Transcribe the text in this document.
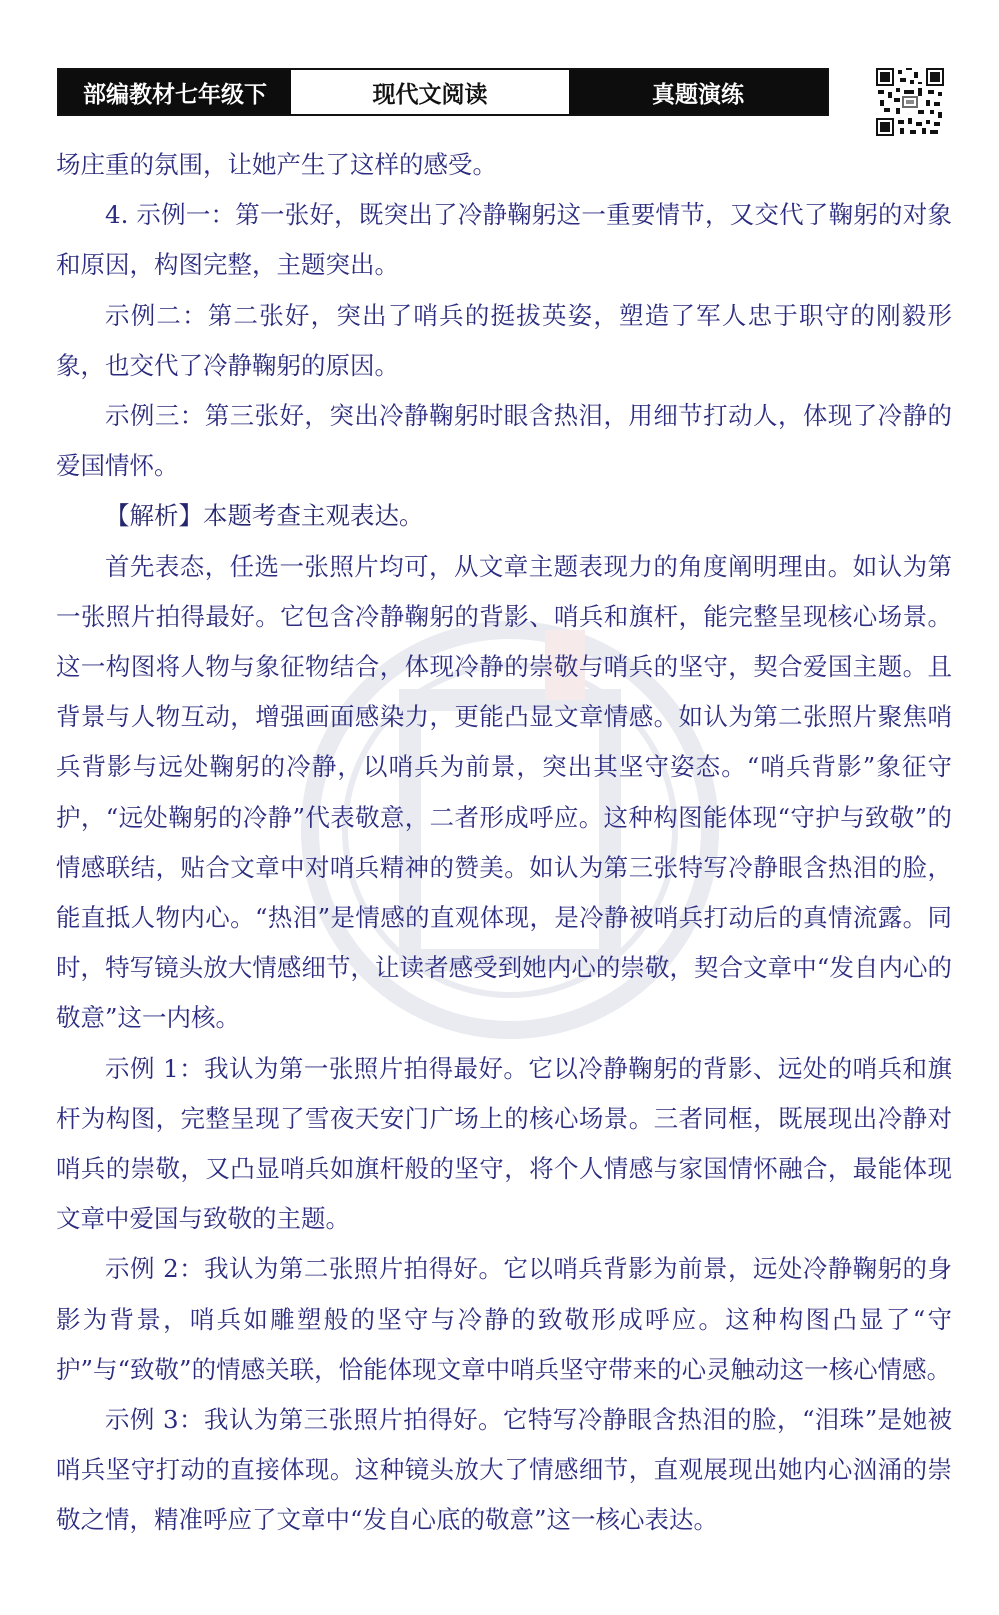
部编教材七年级下	现代文阅读	真题演练

场庄重的氛围，让她产生了这样的感受。

4. 示例一：第一张好，既突出了冷静鞠躬这一重要情节，又交代了鞠躬的对象和原因，构图完整，主题突出。

示例二：第二张好，突出了哨兵的挺拔英姿，塑造了军人忠于职守的刚毅形象，也交代了冷静鞠躬的原因。

示例三：第三张好，突出冷静鞠躬时眼含热泪，用细节打动人，体现了冷静的爱国情怀。

【解析】本题考查主观表达。

首先表态，任选一张照片均可，从文章主题表现力的角度阐明理由。如认为第一张照片拍得最好。它包含冷静鞠躬的背影、哨兵和旗杆，能完整呈现核心场景。这一构图将人物与象征物结合，体现冷静的崇敬与哨兵的坚守，契合爱国主题。且背景与人物互动，增强画面感染力，更能凸显文章情感。如认为第二张照片聚焦哨兵背影与远处鞠躬的冷静，以哨兵为前景，突出其坚守姿态。“哨兵背影”象征守护，“远处鞠躬的冷静”代表敬意，二者形成呼应。这种构图能体现“守护与致敬”的情感联结，贴合文章中对哨兵精神的赞美。如认为第三张特写冷静眼含热泪的脸，能直抵人物内心。“热泪”是情感的直观体现，是冷静被哨兵打动后的真情流露。同时，特写镜头放大情感细节，让读者感受到她内心的崇敬，契合文章中“发自内心的敬意”这一内核。

示例 1：我认为第一张照片拍得最好。它以冷静鞠躬的背影、远处的哨兵和旗杆为构图，完整呈现了雪夜天安门广场上的核心场景。三者同框，既展现出冷静对哨兵的崇敬，又凸显哨兵如旗杆般的坚守，将个人情感与家国情怀融合，最能体现文章中爱国与致敬的主题。

示例 2：我认为第二张照片拍得好。它以哨兵背影为前景，远处冷静鞠躬的身影为背景，哨兵如雕塑般的坚守与冷静的致敬形成呼应。这种构图凸显了“守护”与“致敬”的情感关联，恰能体现文章中哨兵坚守带来的心灵触动这一核心情感。

示例 3：我认为第三张照片拍得好。它特写冷静眼含热泪的脸，“泪珠”是她被哨兵坚守打动的直接体现。这种镜头放大了情感细节，直观展现出她内心汹涌的崇敬之情，精准呼应了文章中“发自心底的敬意”这一核心表达。
